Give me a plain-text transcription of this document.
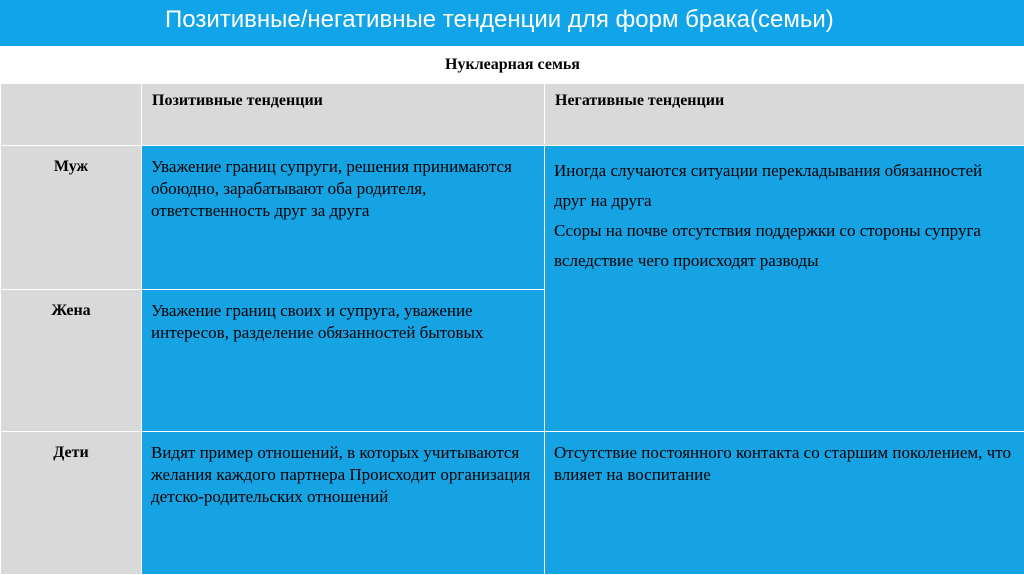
Позитивные/негативные тенденции для форм брака(семьи)
Нуклеарная семья		
	Позитивные тенденции	Негативные тенденции
Муж	Уважение границ супруги, решения принимаются обоюдно, зарабатывают оба родителя, ответственность друг за друга	Иногда случаются ситуации перекладывания обязанностей друг на друга
Ссоры на почве отсутствия поддержки со стороны супруга вследствие чего происходят разводы

Жена	Уважение границ своих и супруга, уважение интересов, разделение обязанностей бытовых	
Дети	Видят пример отношений, в которых учитываются желания каждого партнера Происходит организация детско-родительских отношений	Отсутствие постоянного контакта со старшим поколением, что влияет на воспитание
